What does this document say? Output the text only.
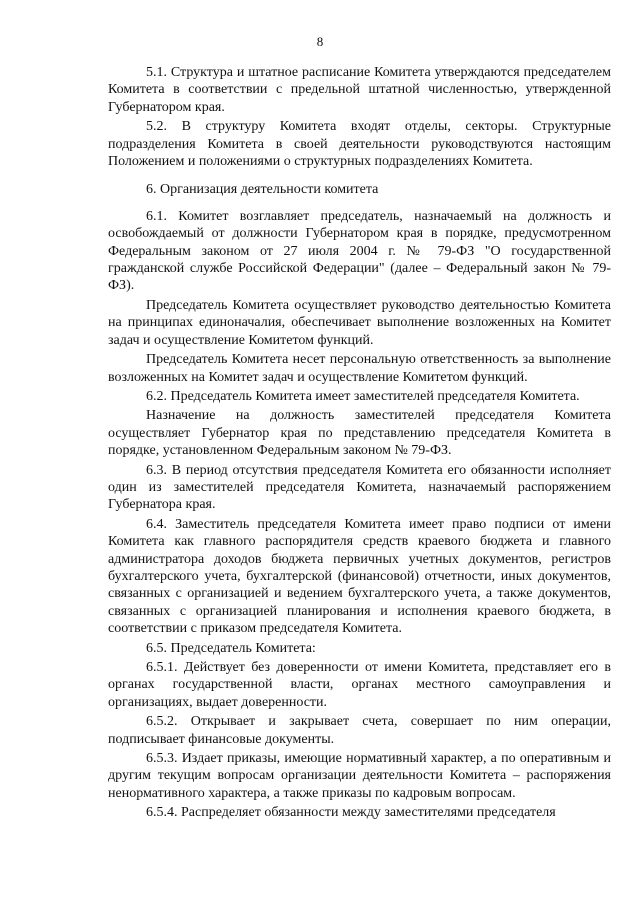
8

5.1. Структура и штатное расписание Комитета утверждаются председателем Комитета в соответствии с предельной штатной численностью, утвержденной Губернатором края.

5.2. В структуру Комитета входят отделы, секторы. Структурные подразделения Комитета в своей деятельности руководствуются настоящим Положением и положениями о структурных подразделениях Комитета.

6. Организация деятельности комитета

6.1. Комитет возглавляет председатель, назначаемый на должность и освобождаемый от должности Губернатором края в порядке, предусмотренном Федеральным законом от 27 июля 2004 г. № 79-ФЗ "О государственной гражданской службе Российской Федерации" (далее – Федеральный закон № 79-ФЗ).

Председатель Комитета осуществляет руководство деятельностью Комитета на принципах единоначалия, обеспечивает выполнение возложенных на Комитет задач и осуществление Комитетом функций.

Председатель Комитета несет персональную ответственность за выполнение возложенных на Комитет задач и осуществление Комитетом функций.

6.2. Председатель Комитета имеет заместителей председателя Комитета.

Назначение на должность заместителей председателя Комитета осуществляет Губернатор края по представлению председателя Комитета в порядке, установленном Федеральным законом № 79-ФЗ.

6.3. В период отсутствия председателя Комитета его обязанности исполняет один из заместителей председателя Комитета, назначаемый распоряжением Губернатора края.

6.4. Заместитель председателя Комитета имеет право подписи от имени Комитета как главного распорядителя средств краевого бюджета и главного администратора доходов бюджета первичных учетных документов, регистров бухгалтерского учета, бухгалтерской (финансовой) отчетности, иных документов, связанных с организацией и ведением бухгалтерского учета, а также документов, связанных с организацией планирования и исполнения краевого бюджета, в соответствии с приказом председателя Комитета.

6.5. Председатель Комитета:

6.5.1. Действует без доверенности от имени Комитета, представляет его в органах государственной власти, органах местного самоуправления и организациях, выдает доверенности.

6.5.2. Открывает и закрывает счета, совершает по ним операции, подписывает финансовые документы.

6.5.3. Издает приказы, имеющие нормативный характер, а по оперативным и другим текущим вопросам организации деятельности Комитета – распоряжения ненормативного характера, а также приказы по кадровым вопросам.

6.5.4. Распределяет обязанности между заместителями председателя
